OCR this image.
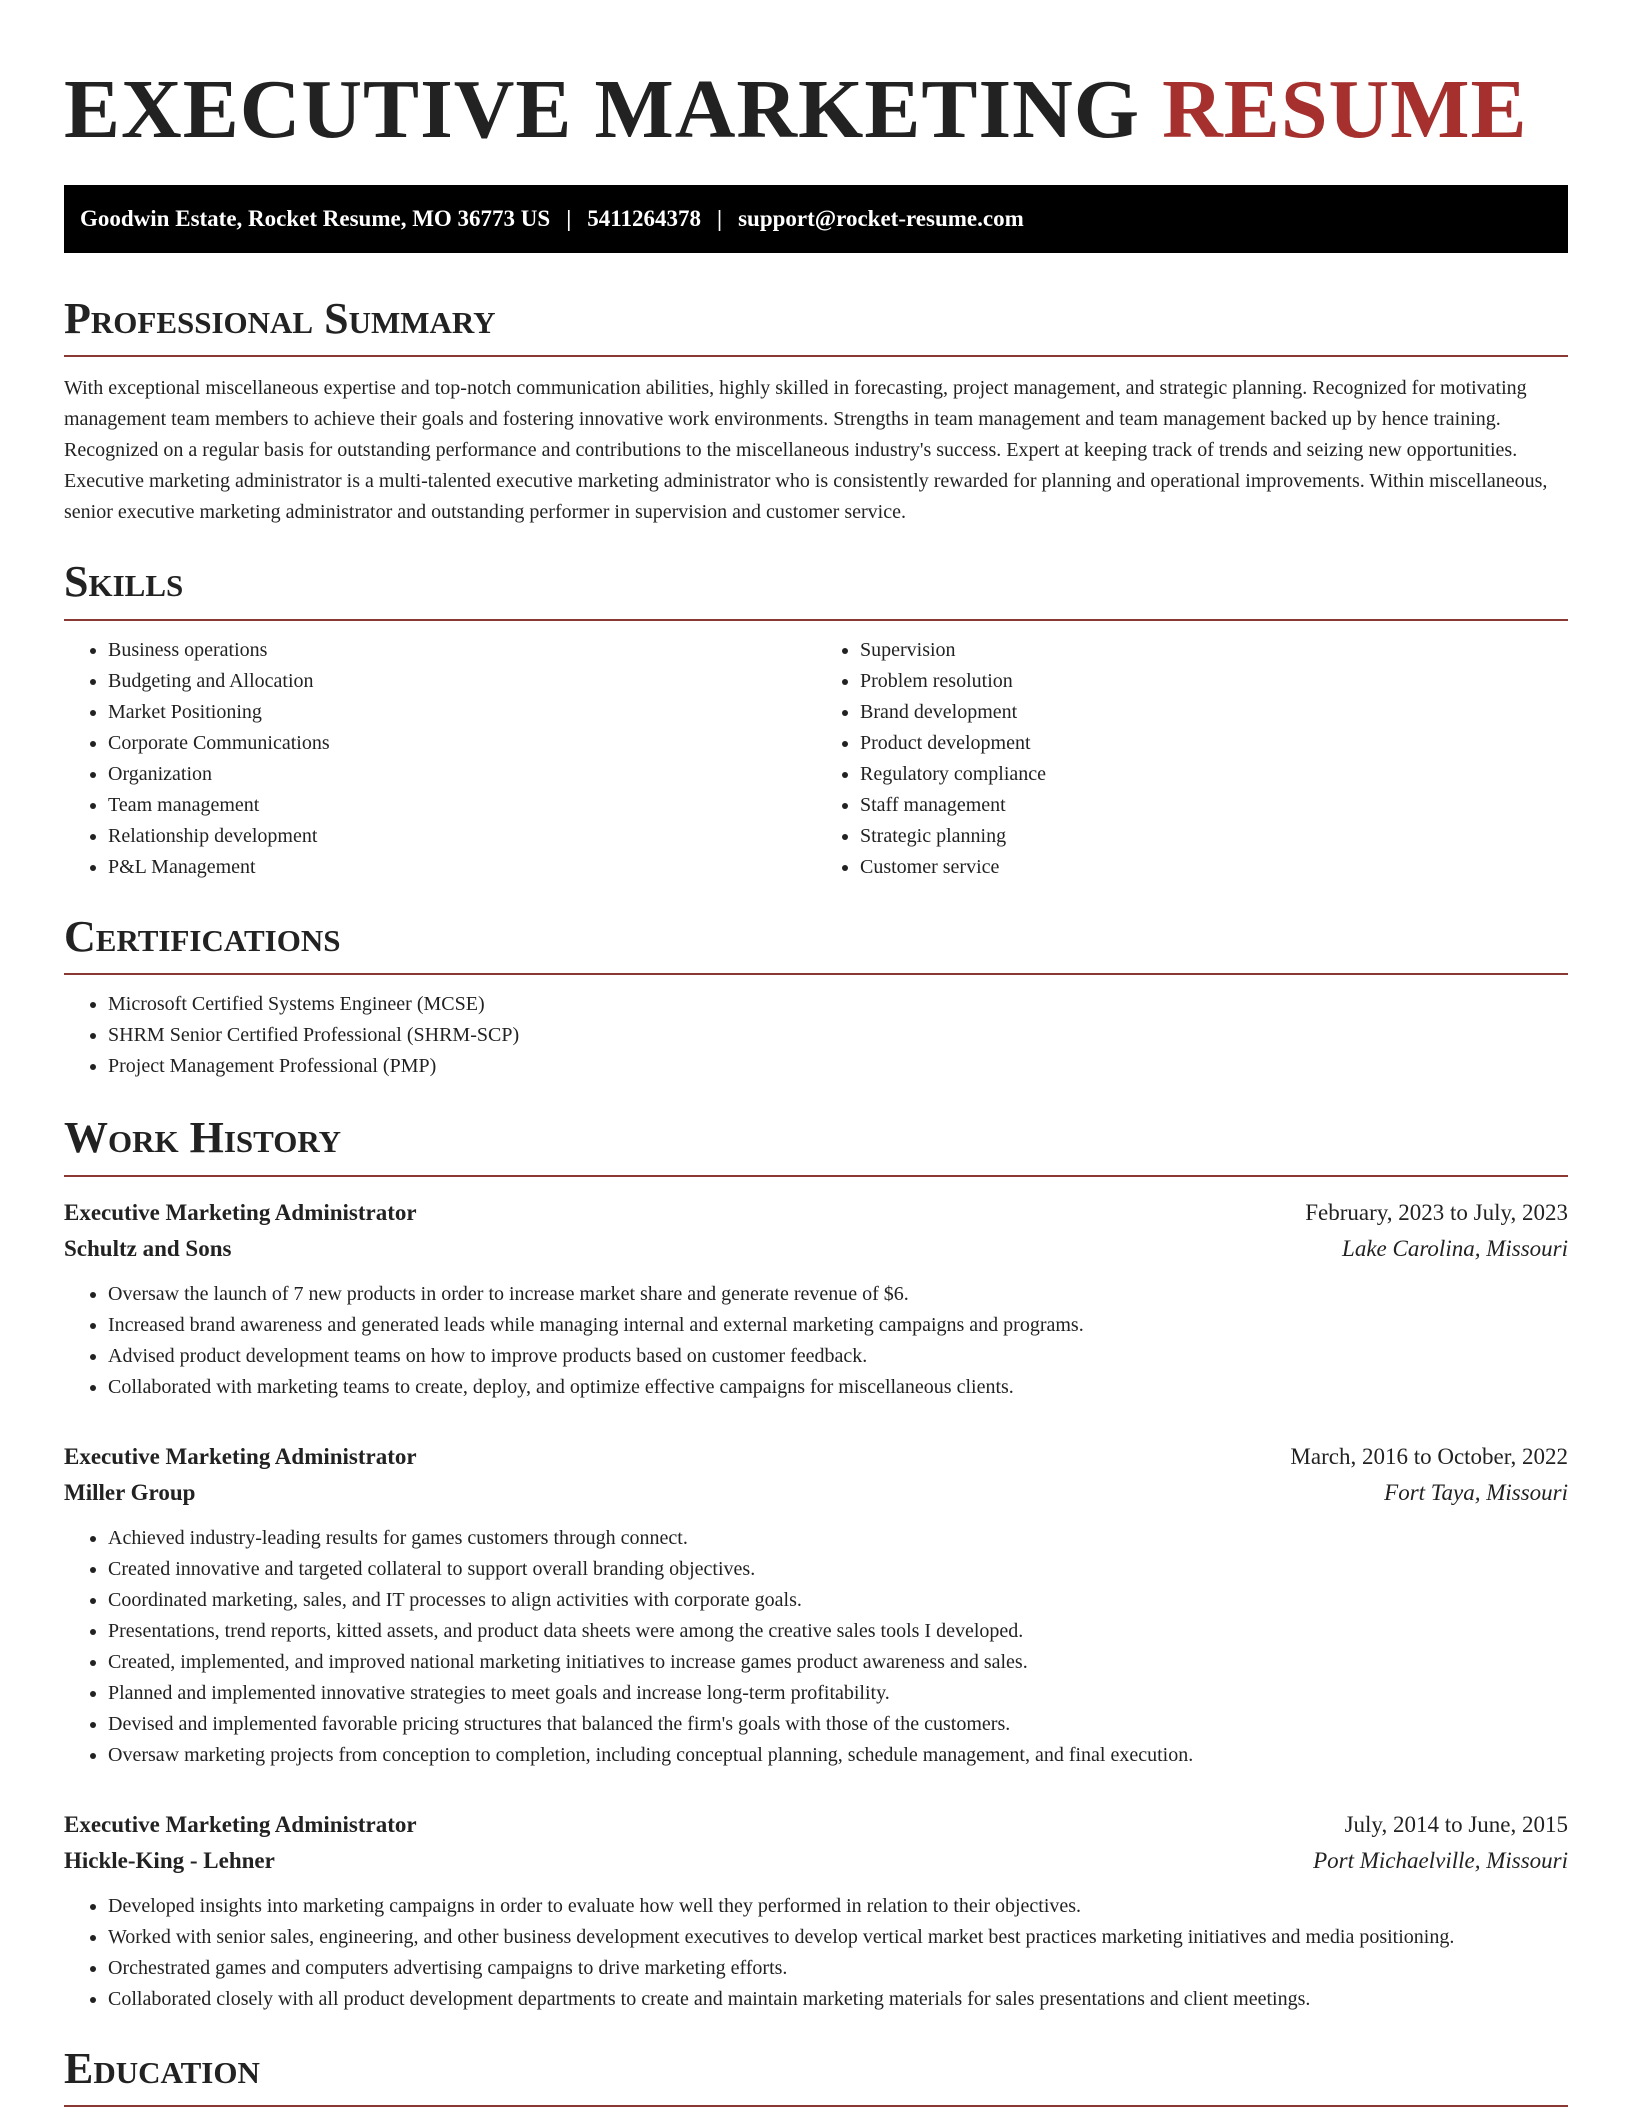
EXECUTIVE MARKETING RESUME
Goodwin Estate, Rocket Resume, MO 36773 US | 5411264378 | support@rocket-resume.com
Professional Summary

With exceptional miscellaneous expertise and top-notch communication abilities, highly skilled in forecasting, project management, and strategic planning. Recognized for motivating management team members to achieve their goals and fostering innovative work environments. Strengths in team management and team management backed up by hence training. Recognized on a regular basis for outstanding performance and contributions to the miscellaneous industry's success. Expert at keeping track of trends and seizing new opportunities. Executive marketing administrator is a multi-talented executive marketing administrator who is consistently rewarded for planning and operational improvements. Within miscellaneous, senior executive marketing administrator and outstanding performer in supervision and customer service.

Skills
• Business operations
• Budgeting and Allocation
• Market Positioning
• Corporate Communications
• Organization
• Team management
• Relationship development
• P&L Management
• Supervision
• Problem resolution
• Brand development
• Product development
• Regulatory compliance
• Staff management
• Strategic planning
• Customer service
Certifications
• Microsoft Certified Systems Engineer (MCSE)
• SHRM Senior Certified Professional (SHRM-SCP)
• Project Management Professional (PMP)
Work History
Executive Marketing Administrator	February, 2023 to July, 2023
Schultz and Sons	Lake Carolina, Missouri
• Oversaw the launch of 7 new products in order to increase market share and generate revenue of $6.
• Increased brand awareness and generated leads while managing internal and external marketing campaigns and programs.
• Advised product development teams on how to improve products based on customer feedback.
• Collaborated with marketing teams to create, deploy, and optimize effective campaigns for miscellaneous clients.
Executive Marketing Administrator	March, 2016 to October, 2022
Miller Group	Fort Taya, Missouri
• Achieved industry-leading results for games customers through connect.
• Created innovative and targeted collateral to support overall branding objectives.
• Coordinated marketing, sales, and IT processes to align activities with corporate goals.
• Presentations, trend reports, kitted assets, and product data sheets were among the creative sales tools I developed.
• Created, implemented, and improved national marketing initiatives to increase games product awareness and sales.
• Planned and implemented innovative strategies to meet goals and increase long-term profitability.
• Devised and implemented favorable pricing structures that balanced the firm's goals with those of the customers.
• Oversaw marketing projects from conception to completion, including conceptual planning, schedule management, and final execution.
Executive Marketing Administrator	July, 2014 to June, 2015
Hickle-King - Lehner	Port Michaelville, Missouri
• Developed insights into marketing campaigns in order to evaluate how well they performed in relation to their objectives.
• Worked with senior sales, engineering, and other business development executives to develop vertical market best practices marketing initiatives and media positioning.
• Orchestrated games and computers advertising campaigns to drive marketing efforts.
• Collaborated closely with all product development departments to create and maintain marketing materials for sales presentations and client meetings.
Education
